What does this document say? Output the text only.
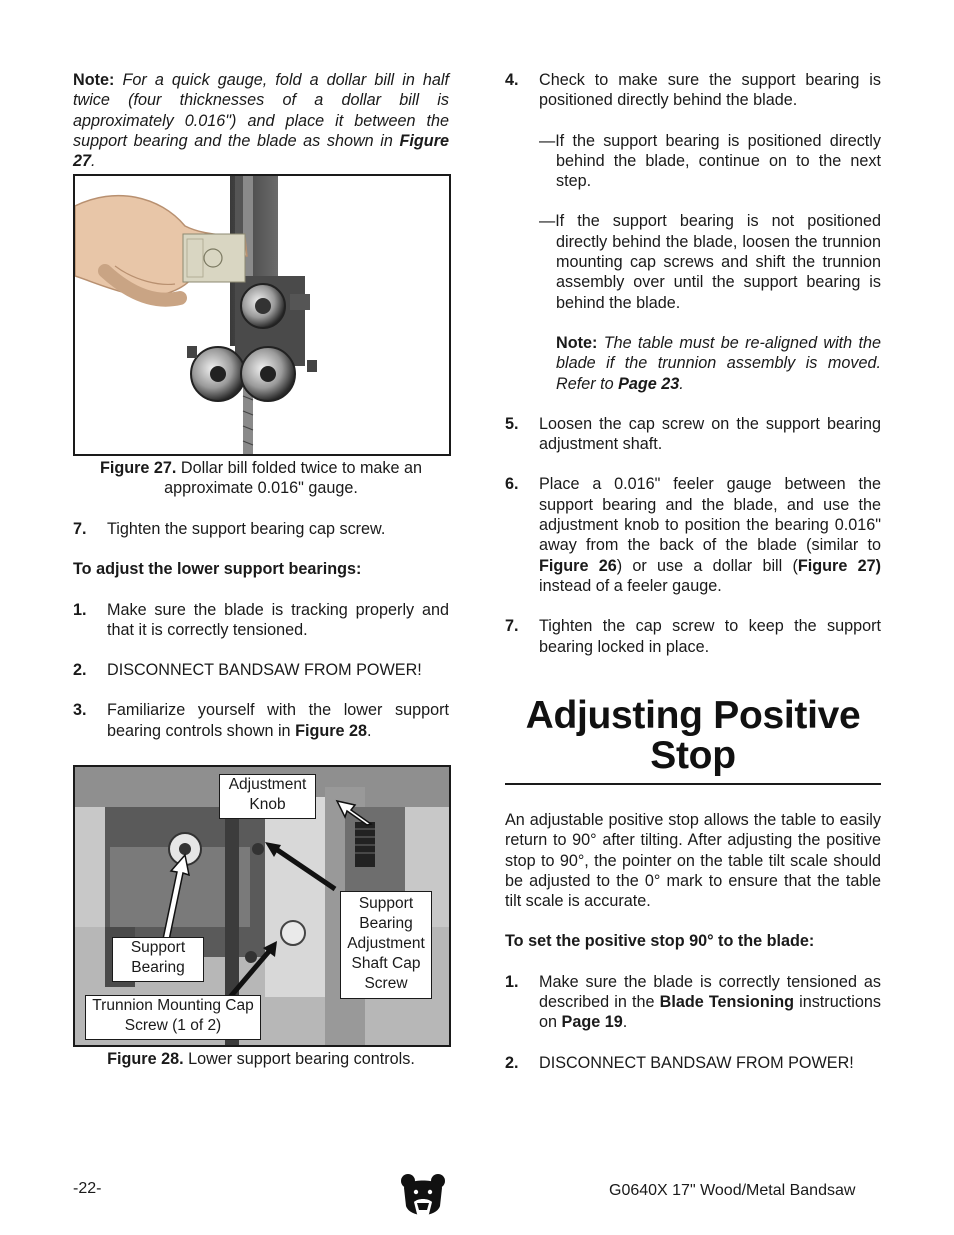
Note: For a quick gauge, fold a dollar bill in half twice (four thicknesses of a dollar bill is approximately 0.016") and place it between the support bearing and the blade as shown in Figure 27.

Figure 27. Dollar bill folded twice to make an approximate 0.016" gauge.
7. Tighten the support bearing cap screw.

To adjust the lower support bearings:

1. Make sure the blade is tracking properly and that it is correctly tensioned.
2. DISCONNECT BANDSAW FROM POWER!
3. Familiarize yourself with the lower support bearing controls shown in Figure 28.
Adjustment Knob
Support Bearing
Support Bearing Adjustment Shaft Cap Screw
Trunnion Mounting Cap Screw (1 of 2)
Figure 28. Lower support bearing controls.
4. Check to make sure the support bearing is positioned directly behind the blade.
—If the support bearing is positioned directly behind the blade, continue on to the next step.
—If the support bearing is not positioned directly behind the blade, loosen the trunnion mounting cap screws and shift the trunnion assembly over until the support bearing is behind the blade.
Note: The table must be re-aligned with the blade if the trunnion assembly is moved. Refer to Page 23.
5. Loosen the cap screw on the support bearing adjustment shaft.
6. Place a 0.016" feeler gauge between the support bearing and the blade, and use the adjustment knob to position the bearing 0.016" away from the back of the blade (similar to Figure 26) or use a dollar bill (Figure 27) instead of a feeler gauge.
7. Tighten the cap screw to keep the support bearing locked in place.
Adjusting Positive Stop

An adjustable positive stop allows the table to easily return to 90° after tilting. After adjusting the positive stop to 90°, the pointer on the table tilt scale should be adjusted to the 0° mark to ensure that the table tilt scale is accurate.

To set the positive stop 90° to the blade:

1. Make sure the blade is correctly tensioned as described in the Blade Tensioning instructions on Page 19.
2. DISCONNECT BANDSAW FROM POWER!
-22-	G0640X 17" Wood/Metal Bandsaw
